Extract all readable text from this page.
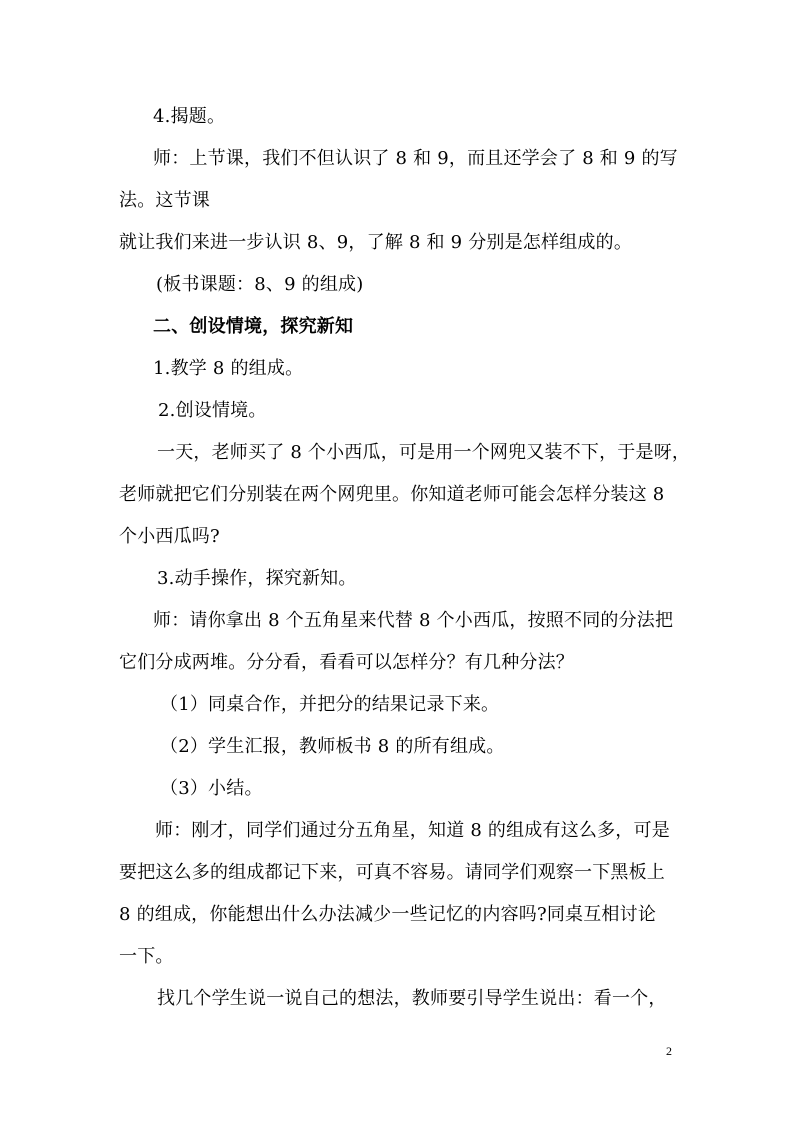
4.揭题。
师：上节课，我们不但认识了 8 和 9，而且还学会了 8 和 9 的写
法。这节课
就让我们来进一步认识 8、9，了解 8 和 9 分别是怎样组成的。
(板书课题：8、9 的组成)
二、创设情境，探究新知
1.教学 8 的组成。
2.创设情境。
一天，老师买了 8 个小西瓜，可是用一个网兜又装不下，于是呀，
老师就把它们分别装在两个网兜里。你知道老师可能会怎样分装这 8
个小西瓜吗?
3.动手操作，探究新知。
师：请你拿出 8 个五角星来代替 8 个小西瓜，按照不同的分法把
它们分成两堆。分分看，看看可以怎样分？有几种分法？
（1）同桌合作，并把分的结果记录下来。
（2）学生汇报，教师板书 8 的所有组成。
（3）小结。
师：刚才，同学们通过分五角星，知道 8 的组成有这么多，可是
要把这么多的组成都记下来，可真不容易。请同学们观察一下黑板上
8 的组成，你能想出什么办法减少一些记忆的内容吗?同桌互相讨论
一下。
找几个学生说一说自己的想法，教师要引导学生说出：看一个，
2
